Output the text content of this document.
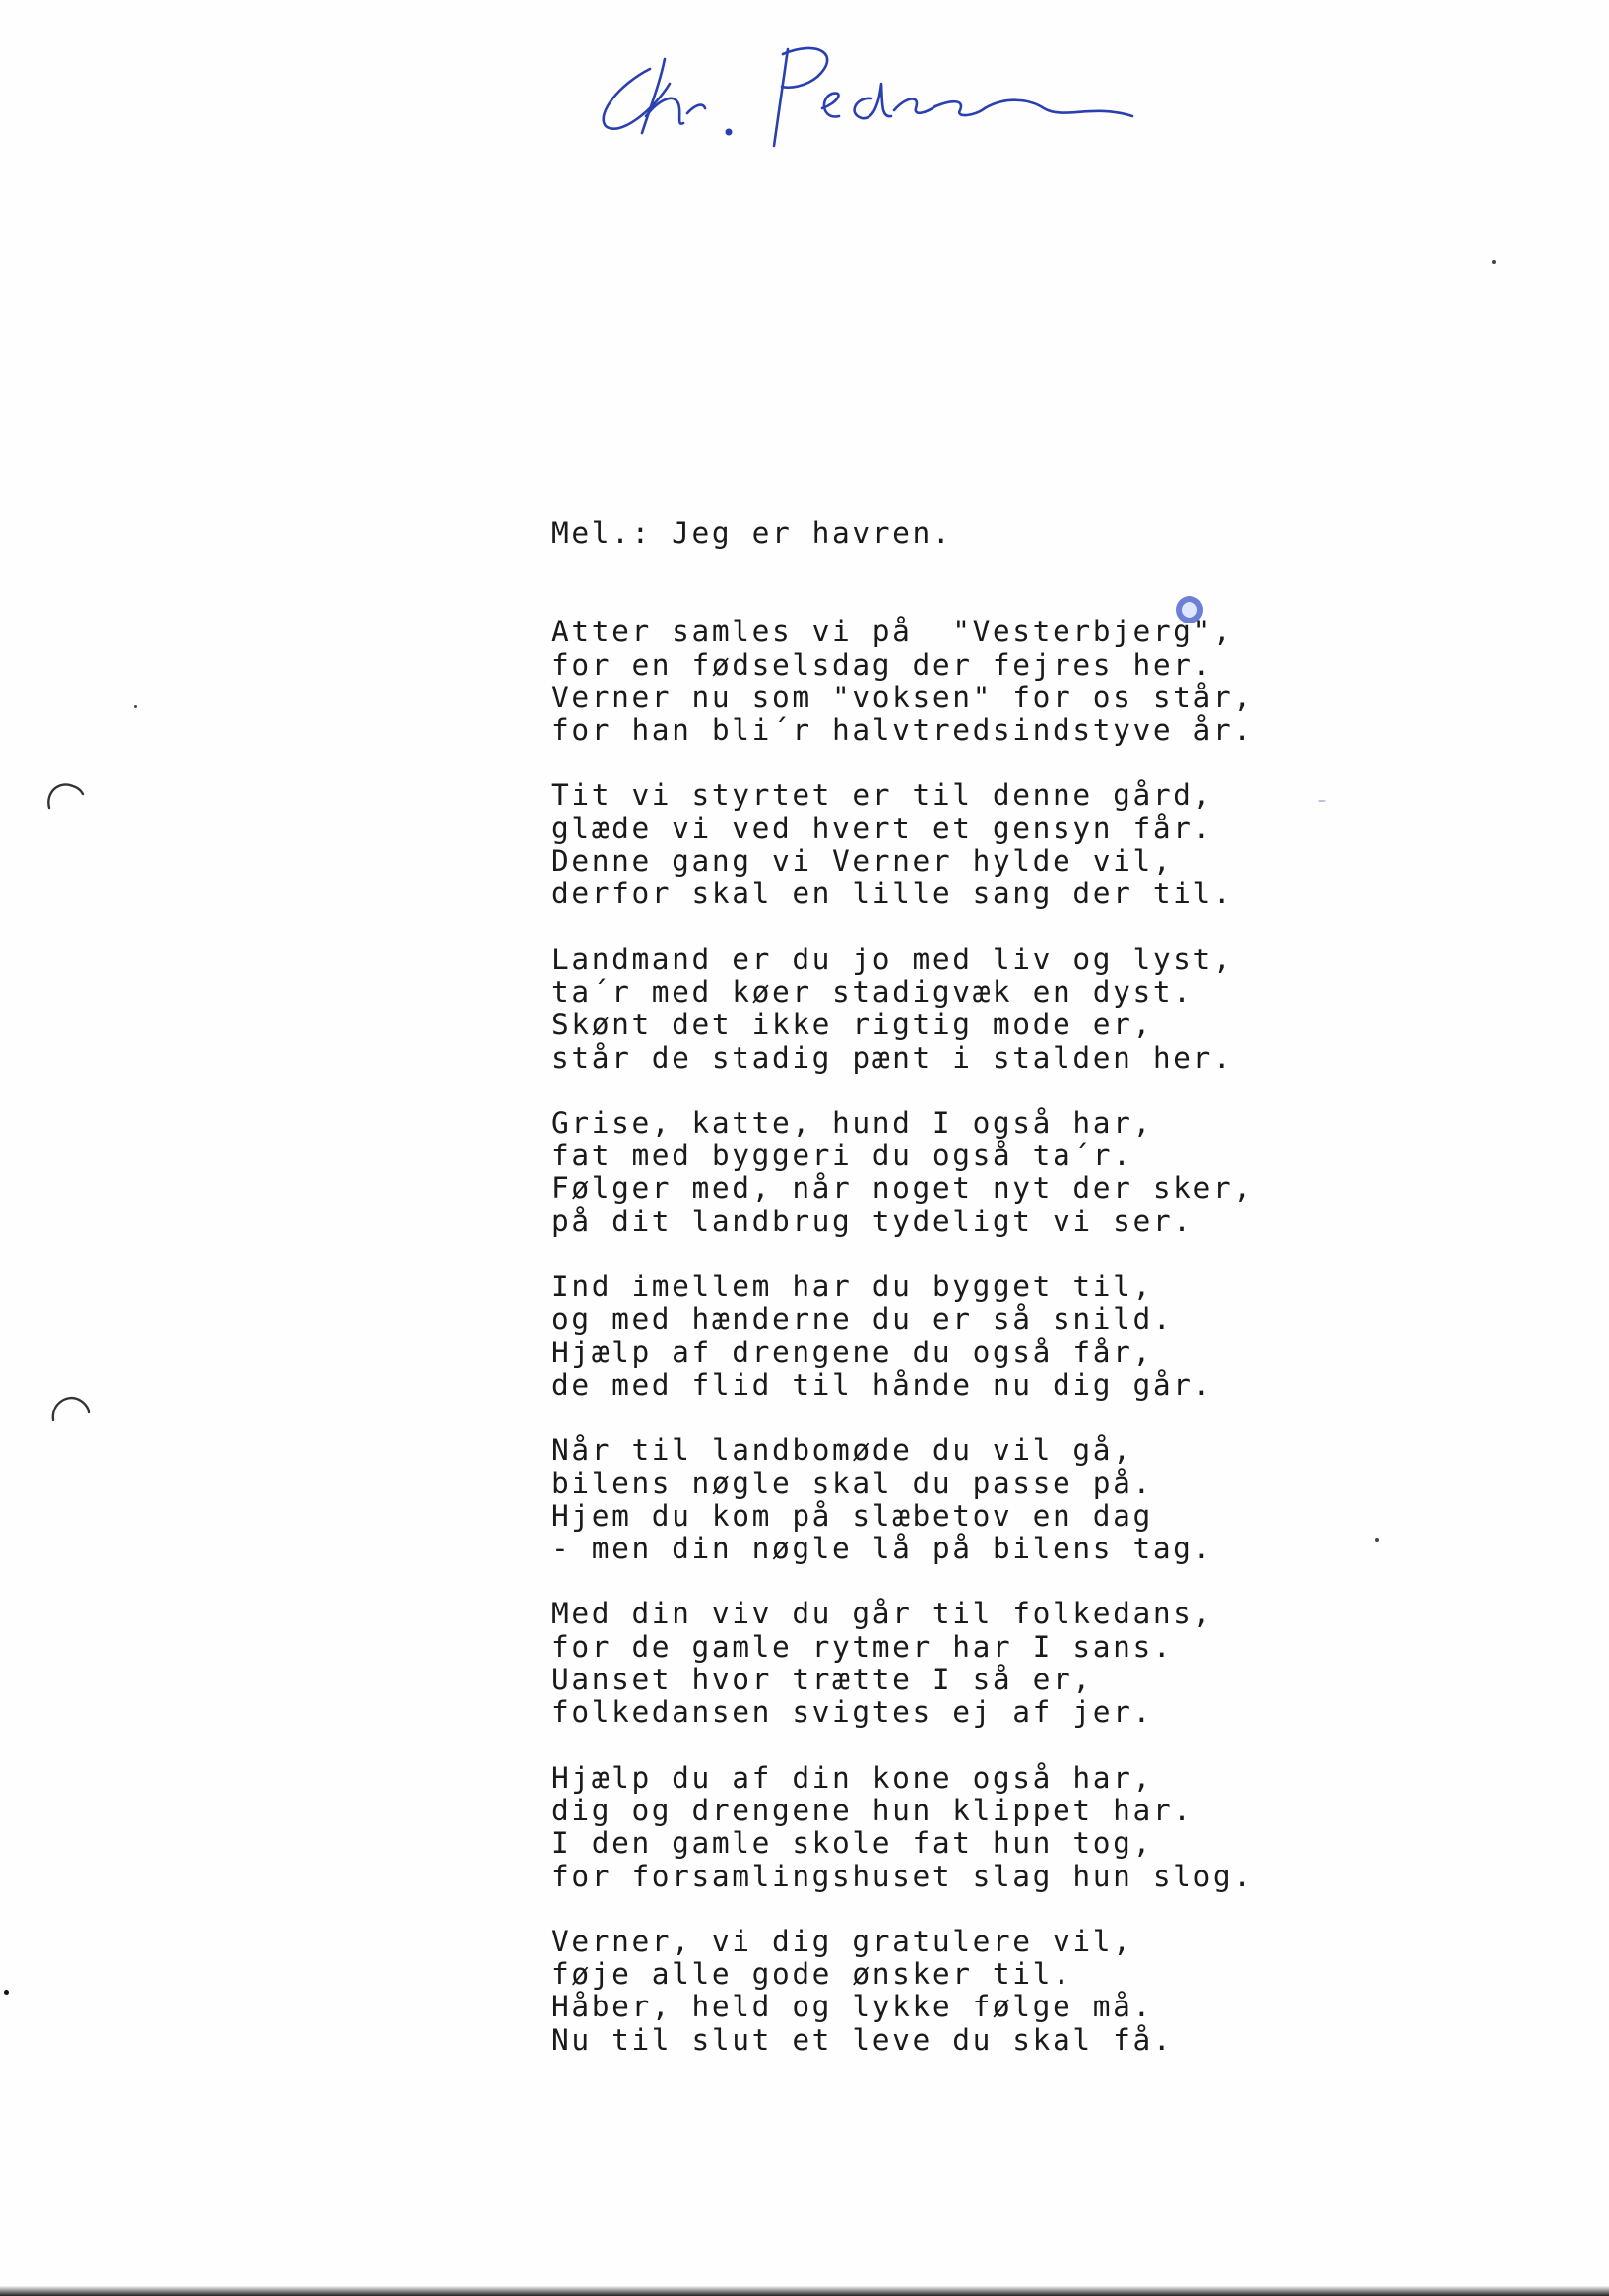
Mel.: Jeg er havren.
Atter samles vi på  "Vesterbjerg",
for en fødselsdag der fejres her.
Verner nu som "voksen" for os står,
for han bli´r halvtredsindstyve år.
Tit vi styrtet er til denne gård,
glæde vi ved hvert et gensyn får.
Denne gang vi Verner hylde vil,
derfor skal en lille sang der til.
Landmand er du jo med liv og lyst,
ta´r med køer stadigvæk en dyst.
Skønt det ikke rigtig mode er,
står de stadig pænt i stalden her.
Grise, katte, hund I også har,
fat med byggeri du også ta´r.
Følger med, når noget nyt der sker,
på dit landbrug tydeligt vi ser.
Ind imellem har du bygget til,
og med hænderne du er så snild.
Hjælp af drengene du også får,
de med flid til hånde nu dig går.
Når til landbomøde du vil gå,
bilens nøgle skal du passe på.
Hjem du kom på slæbetov en dag
- men din nøgle lå på bilens tag.
Med din viv du går til folkedans,
for de gamle rytmer har I sans.
Uanset hvor trætte I så er,
folkedansen svigtes ej af jer.
Hjælp du af din kone også har,
dig og drengene hun klippet har.
I den gamle skole fat hun tog,
for forsamlingshuset slag hun slog.
Verner, vi dig gratulere vil,
føje alle gode ønsker til.
Håber, held og lykke følge må.
Nu til slut et leve du skal få.
